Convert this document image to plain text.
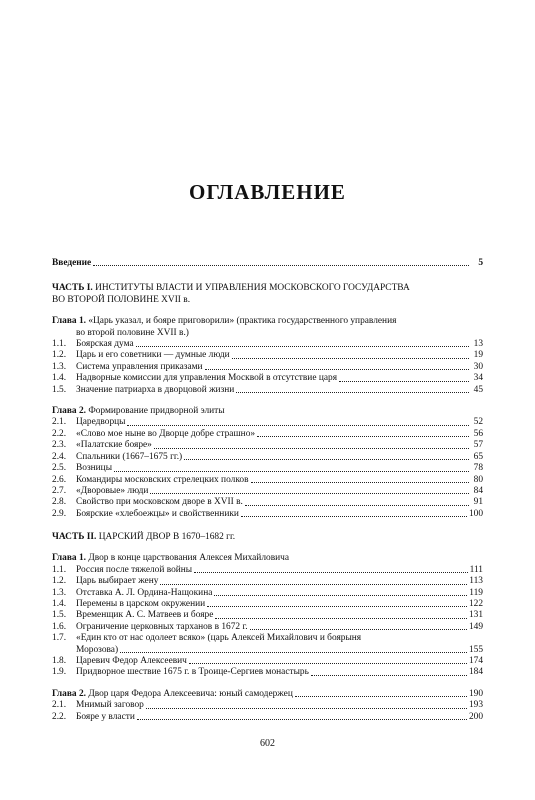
ОГЛАВЛЕНИЕ
Введение	5
ЧАСТЬ I. ИНСТИТУТЫ ВЛАСТИ И УПРАВЛЕНИЯ МОСКОВСКОГО ГОСУДАРСТВА
ВО ВТОРОЙ ПОЛОВИНЕ XVII в.
Глава 1. «Царь указал, и бояре приговорили» (практика государственного управления
во второй половине XVII в.)
1.1.	Боярская дума	13
1.2.	Царь и его советники — думные люди	19
1.3.	Система управления приказами	30
1.4.	Надворные комиссии для управления Москвой в отсутствие царя	34
1.5.	Значение патриарха в дворцовой жизни	45
Глава 2. Формирование придворной элиты
2.1.	Царедворцы	52
2.2.	«Слово мое ныне во Дворце добре страшно»	56
2.3.	«Палатские бояре»	57
2.4.	Спальники (1667–1675 гг.)	65
2.5.	Возницы	78
2.6.	Командиры московских стрелецких полков	80
2.7.	«Дворовые» люди	84
2.8.	Свойство при московском дворе в XVII в.	91
2.9.	Боярские «хлебоежцы» и свойственники	100
ЧАСТЬ II. ЦАРСКИЙ ДВОР В 1670–1682 гг.
Глава 1. Двор в конце царствования Алексея Михайловича
1.1.	Россия после тяжелой войны	111
1.2.	Царь выбирает жену	113
1.3.	Отставка А. Л. Ордина-Нащокина	119
1.4.	Перемены в царском окружении	122
1.5.	Временщик А. С. Матвеев и бояре	131
1.6.	Ограничение церковных тарханов в 1672 г.	149
1.7.	«Един кто от нас одолеет всяко» (царь Алексей Михайлович и боярыня
Морозова)	155
1.8.	Царевич Федор Алексеевич	174
1.9.	Придворное шествие 1675 г. в Троице-Сергиев монастырь	184
Глава 2. Двор царя Федора Алексеевича: юный самодержец	190
2.1.	Мнимый заговор	193
2.2.	Бояре у власти	200
602
